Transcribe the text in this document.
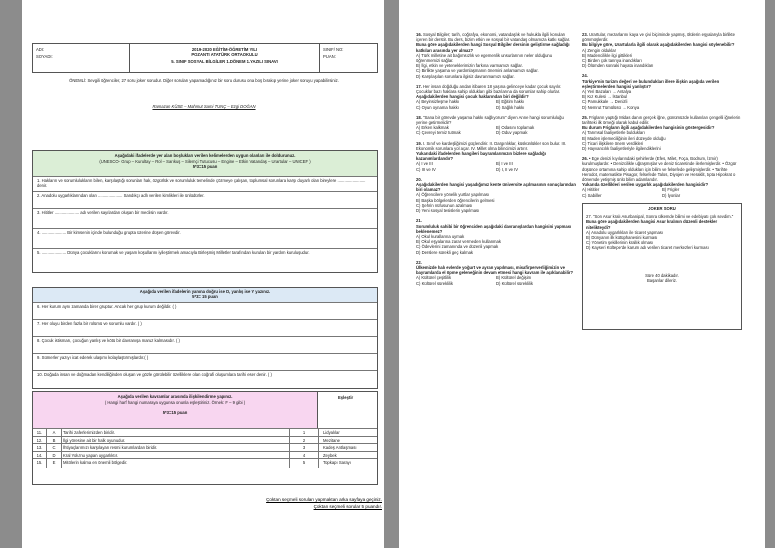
ADI:
SOYADI:
2019-2020 EĞİTİM-ÖĞRETİM YILI
POZANTI ATATÜRK ORTAOKULU
5. SINIF SOSYAL BİLGİLER 1.DÖNEM 1.YAZILI SINAVI
SINIF/ NO:
PUAN:
ÖNEMLİ: Sevgili öğrenciler, 27 soru joker sorudur. Diğer soruları yapamadığınız bir soru durusu ona boş bırakıp yerine joker soruyu yapabilirsiniz.
Ramazan KÜSE – Mahmut Sami TUNÇ – Ezgi DOĞAN
Aşağıdaki ifadelerde yer alan boşlukları verilen kelimelerden uygun olanları ile doldurunuz.
(UNESCO- Grup – Kurultay – Rol – Sarıkuş – Silemçi Tutucusu – Engine – Etkin Vatandaş – Urartular – UNICEF )
5*3=15 puan
1. Hakların ve sorumlulukların bilen, karşılaştığı sorunları hak, özgürlük ve sorumluluk temelinde çözmeye çalışan, toplumsal sorunlara karşı duyarlı olan bireylere ........................ denir.
2. Anadolu uygarlıklarından olan ..................... Sandıkçı adlı verilen kimlikleri ile ünlüdürler.
3. Hititler ..................... adı verilen sayılardan oluşan bir meclisin vardır.
4. ..................... Bir kimsenin içinde bulunduğu grupta üzerine düşen görevdir.
5. ..................... Dünya çocuklarını korumak ve yaşam koşullarını iyileştirmek amacıyla Birleşmiş Milletler tarafından kurulan bir yardım kuruluşudur.
Aşağıda verilen ifadelerin yanına doğru ise D, yanlış ise Y yazınız.
5*3= 15 puan
6. Her kurum aynı zamanda birer gruptur. Ancak her grup kurum değildir. ( )
7. Her oluyu birden fazla bir rolümü ve sorumlu vardır. ( )
8. Çocuk istismarı, çocuğun yanlış ve kötü bir davranışa maruz kalmasıdır. ( )
9. Sümerler yazıyı icat ederek ulaşımı kolaylaştırmışlardır.( )
10. Doğada insan ve doğmadan kendiliğinden oluşan ve gözle görülebilir özelliklere olan coğrafi oluşumlara tarihi eser denir. ( )
Aşağıda verilen kavramlar arasında ilişkilendirme yapınız.
( Hangi harf hangi numaraya uygunsa onunla eşleştiriniz. Örnek: F – 9 gibi )
5*3=15 puan
Eşleştir
11.	A	Tarihi zaferlerimizden biridir.	1	Lidyalılar
12.	B	İlgi yöresine ait bir halk oyunudur.	2	Mezitane
13.	C	İhtiyaçlarımızı karşılayan resmi kurumlardan biridir.	3	Kadeş Antlaşması
14.	D	Kral Yolu'nu yapan uygarlıktır.	4	Zeybek
15.	E	Mitölerin kalma en önemli bölgedir.	5	Topkapı Sarayı
Çoktan seçmeli soruları yapmaktan arka sayfaya geçiniz.
Çoktan seçmeli sorular 5 puandır.
16. Sosyal Bilgiler; tarih, coğrafya, ekonomi, vatandaşlık ve hukukla ilgili konuları içeren bir derstir. Bu ders, bizim etkin ve sosyal bir vatandaş olmamıza katkı sağlar.
Buna göre aşağıdakilerden hangi Sosyal Bilgiler dersinin geliştirme sağladığı katkıları arasında yer almaz?
A) Türk milletine ait bağımsızlık ve egemenlik unsurlarının neler olduğunu öğrenmemizi sağlar.
B) İlgi, etkin ve yeteneklerimizin farkına varmamızı sağlar.
C) Birlikte yaşama ve yardımlaşmanın önemini anlamamızı sağlar.
D) Karşılaşılan sorunlara ilgisiz davranmamızı sağlar.
17. Her insan doğduğu andan itibaren 18 yaşına gelinceye kadar çocuk sayılır. Çocuklar bazı haklara sahip oldukları gibi bazılarına da sorumlar sahip olurlar.
Aşağıdakilerden hangisi çocuk haklarından biri değildir?
A) Beyinsizleşme hakkı	B) Eğitim hakkı
C) Oyun oynama hakkı	D) Sağlık hakkı
18. "Sana bir görevde yaşama hakkı sağlıyorum" diyen Anne hangi sorumluluğu yerine getirmelidir?
A) Erken kalkmak	B) Odasını toplamak
C) Çevreyi temiz tutmak	D) Oduv yapmak
19. I. Sınıf ve kardeşliğimizi güçlendirir. II. Dargınlıklar, küskünlükler son bulur. III. Ekonomik sorunlara yol açar. IV. Millet olma bilincimizi artırır.
Yukarıdaki ifadelerden hangileri bayramlarımızın bizlere sağladığı kazanımlardandır?
A) I ve III	B) I ve III
C) III ve IV	D) I, II ve IV
20.
Aşağıdakilerden hangisi yaşadığımız kente üniversite açılmasının sonuçlarından biri olamaz?
A) Öğrencilere yönelik yurtlar yapılması
B) Başka bölgelerden öğrencilerin gelmesi
C) Şehrin nüfusunun azalması
D) Yeni sosyal tesislerin yapılması
21.
Sorumluluk sahibi bir öğrenciden aşağıdaki davranışlardan hangisini yapması beklenemez?
A) Okul kurallarına uymak
B) Okul eşyalarına zarar vermeden kullanmak
C) Ödevlerini zamanında ve düzenli yapmak
D) Derslere sürekli geç kalmak
22.
Ülkemizde halı evlerde yoğurt ve ayran yapılması, misafirperverliğimizin ve bayramlarda el öpme geleneğinin devam etmesi hangi kavram ile açıklanabilir?
A) Kültürel çeşitlilik	B) Kültürel değişim
C) Kültürel süreklilik	D) Kültürel süreklilik
23. Urartular, mezarlarını kaya ve çivi biçiminde yapmış, ölülerin eşyalarıyla birlikte gömmüşlerdir.
Bu bilgiye göre, Urartularla ilgili olarak aşağıdakilerden hangisi söylenebilir?
A) Zengin olduklar
B) Madencilikle ilgi gittikleri
C) Birden çok tanrıya inandıkları
D) Ölümden sonraki hayata inandıkları
24.
Türkiye'nin turizm değeri ve bulundukları illere ilişkin aşağıda verilen eşleştirmelerden hangisi yanlıştır?
A) Yeri Bazaları → Antalya
B) Kız Kulesi → İstanbul
C) Pamukkale → Denizli
D) Nemrut Tümülüsü → Konya
25. Frigların yaptığı Midas danın gerçek iğne, günümüzde kullanılan çengelli iğnelerin tarihteki ilk örneği olarak kabul edilir.
Bu durum Frigların ilgili aşağıdakilerden hangisinin göstergesidir?
A) Tarımsal faaliyetlerle buldukları
B) Maden işlemeciliğinin ileri düzeyde olduğu
C) Ticari ilişkilere önem verdikleri
D) Hayvancılık faaliyetleriyle ilgilendiklerini
26. • Ege denizi kıyılarındaki şehirlerde (Efes, Milet, Foça, Bodrum, İzmir) kurulmuşlardır. • Denizcilikle uğraşmışlar ve deniz ticaretinde ilerlemişlerdir. • Özgür düşünce ortamına sahip oldukları için bilim ve felsefede gelişmişlerdir. • Tarihte Herodot, matematikte Pisagor, felsefede Talos, Diyojen ve Heraklit, tıpta Hipokrat o dönemde yetişmiş ünlü bilim adamlarıdır.
Yukarıda özellikleri verilen uygarlık aşağıdakilerden hangisidir?
A) Hititler	B) Frigler
C) Sabiller	D) İyonlar
JOKER SORU
27. "Son Asur kralı Asurbanipal, Sonra ülkemde bilimi ve edebiyatı çok sevdim."
Buna göre aşağıdakilerden hangisi Asur kralının düzenli destekler nitelikteydi?
A) Anadolu uygarlıkları ile ticaret yapması
B) Dünyanın ilk kütüphanesini kurması
C) Yönetim şekillerinin krallık olması
D) Kayseri Kültepe'de karum adı verilen ticaret merkezleri kurması
Süre 40 dakikadır.
Başarılar dileriz.
